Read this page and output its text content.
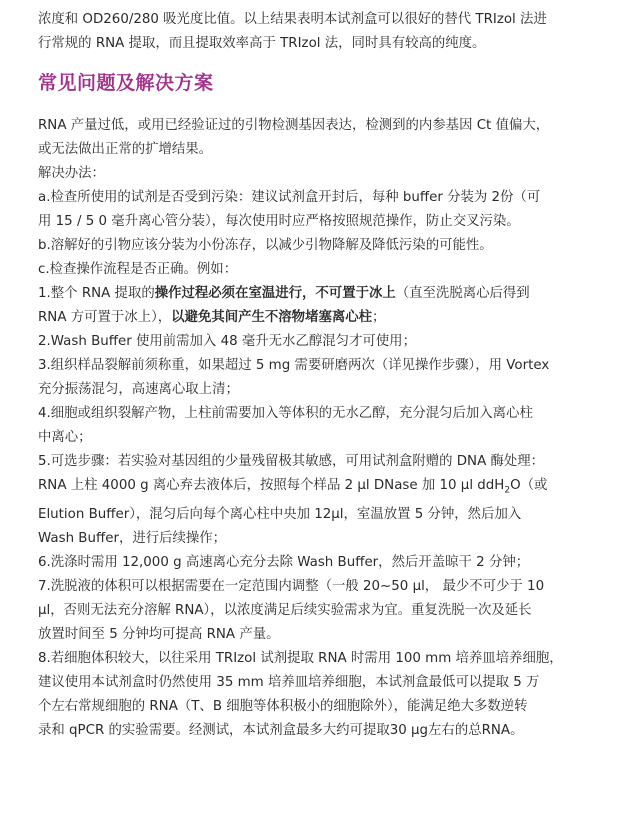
浓度和 OD260/280 吸光度比值。以上结果表明本试剂盒可以很好的替代 TRIzol 法进

行常规的 RNA 提取，而且提取效率高于 TRIzol 法，同时具有较高的纯度。

常见问题及解决方案

RNA 产量过低，或用已经验证过的引物检测基因表达，检测到的内参基因 Ct 值偏大，

或无法做出正常的扩增结果。

解决办法：

a.检查所使用的试剂是否受到污染：建议试剂盒开封后，每种 buffer 分装为 2份（可

用 15 / 5 0 毫升离心管分装），每次使用时应严格按照规范操作，防止交叉污染。

b.溶解好的引物应该分装为小份冻存，以减少引物降解及降低污染的可能性。

c.检查操作流程是否正确。例如：

1.整个 RNA 提取的操作过程必须在室温进行，不可置于冰上（直至洗脱离心后得到

RNA 方可置于冰上），以避免其间产生不溶物堵塞离心柱；

2.Wash Buffer 使用前需加入 48 毫升无水乙醇混匀才可使用；

3.组织样品裂解前须称重，如果超过 5 mg 需要研磨两次（详见操作步骤），用 Vortex

充分振荡混匀，高速离心取上清；

4.细胞或组织裂解产物，上柱前需要加入等体积的无水乙醇，充分混匀后加入离心柱

中离心；

5.可选步骤：若实验对基因组的少量残留极其敏感，可用试剂盒附赠的 DNA 酶处理：

RNA 上柱 4000 g 离心弃去液体后，按照每个样品 2 µl DNase 加 10 µl ddH$_2$O（或

Elution Buffer），混匀后向每个离心柱中央加 12µl，室温放置 5 分钟，然后加入

Wash Buffer，进行后续操作；

6.洗涤时需用 12,000 g 高速离心充分去除 Wash Buffer，然后开盖晾干 2 分钟；

7.洗脱液的体积可以根据需要在一定范围内调整（一般 20~50 µl， 最少不可少于 10

µl，否则无法充分溶解 RNA），以浓度满足后续实验需求为宜。重复洗脱一次及延长

放置时间至 5 分钟均可提高 RNA 产量。

8.若细胞体积较大，以往采用 TRIzol 试剂提取 RNA 时需用 100 mm 培养皿培养细胞，

建议使用本试剂盒时仍然使用 35 mm 培养皿培养细胞，本试剂盒最低可以提取 5 万

个左右常规细胞的 RNA（T、B 细胞等体积极小的细胞除外），能满足绝大多数逆转

录和 qPCR 的实验需要。经测试，本试剂盒最多大约可提取30 µg左右的总RNA。
